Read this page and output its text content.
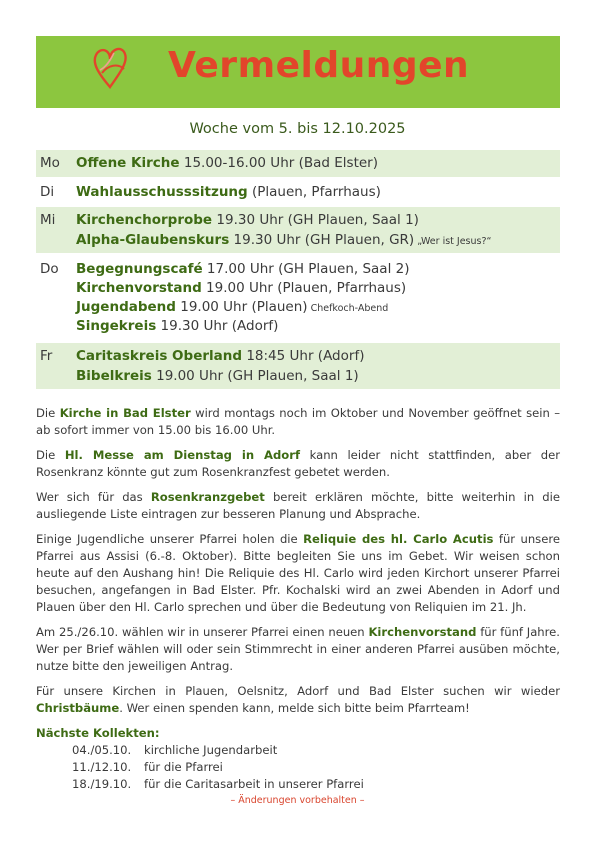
Vermeldungen
Woche vom 5. bis 12.10.2025
Mo Offene Kirche 15.00-16.00 Uhr (Bad Elster)
Di Wahlausschusssitzung (Plauen, Pfarrhaus)
Mi Kirchenchorprobe 19.30 Uhr (GH Plauen, Saal 1)
Alpha-Glaubenskurs 19.30 Uhr (GH Plauen, GR) „Wer ist Jesus?“
Do Begegnungscafé 17.00 Uhr (GH Plauen, Saal 2)
Kirchenvorstand 19.00 Uhr (Plauen, Pfarrhaus)
Jugendabend 19.00 Uhr (Plauen) Chefkoch-Abend
Singekreis 19.30 Uhr (Adorf)
Fr Caritaskreis Oberland 18:45 Uhr (Adorf)
Bibelkreis 19.00 Uhr (GH Plauen, Saal 1)

Die Kirche in Bad Elster wird montags noch im Oktober und November geöffnet sein – ab sofort immer von 15.00 bis 16.00 Uhr.

Die Hl. Messe am Dienstag in Adorf kann leider nicht stattfinden, aber der Rosenkranz könnte gut zum Rosenkranzfest gebetet werden.

Wer sich für das Rosenkranzgebet bereit erklären möchte, bitte weiterhin in die ausliegende Liste eintragen zur besseren Planung und Absprache.

Einige Jugendliche unserer Pfarrei holen die Reliquie des hl. Carlo Acutis für unsere Pfarrei aus Assisi (6.-8. Oktober). Bitte begleiten Sie uns im Gebet. Wir weisen schon heute auf den Aushang hin! Die Reliquie des Hl. Carlo wird jeden Kirchort unserer Pfarrei besuchen, angefangen in Bad Elster. Pfr. Kochalski wird an zwei Abenden in Adorf und Plauen über den Hl. Carlo sprechen und über die Bedeutung von Reliquien im 21. Jh.

Am 25./26.10. wählen wir in unserer Pfarrei einen neuen Kirchenvorstand für fünf Jahre. Wer per Brief wählen will oder sein Stimmrecht in einer anderen Pfarrei ausüben möchte, nutze bitte den jeweiligen Antrag.

Für unsere Kirchen in Plauen, Oelsnitz, Adorf und Bad Elster suchen wir wieder Christbäume. Wer einen spenden kann, melde sich bitte beim Pfarrteam!

Nächste Kollekten:
04./05.10.	kirchliche Jugendarbeit
11./12.10.	für die Pfarrei
18./19.10.	für die Caritasarbeit in unserer Pfarrei
– Änderungen vorbehalten –
